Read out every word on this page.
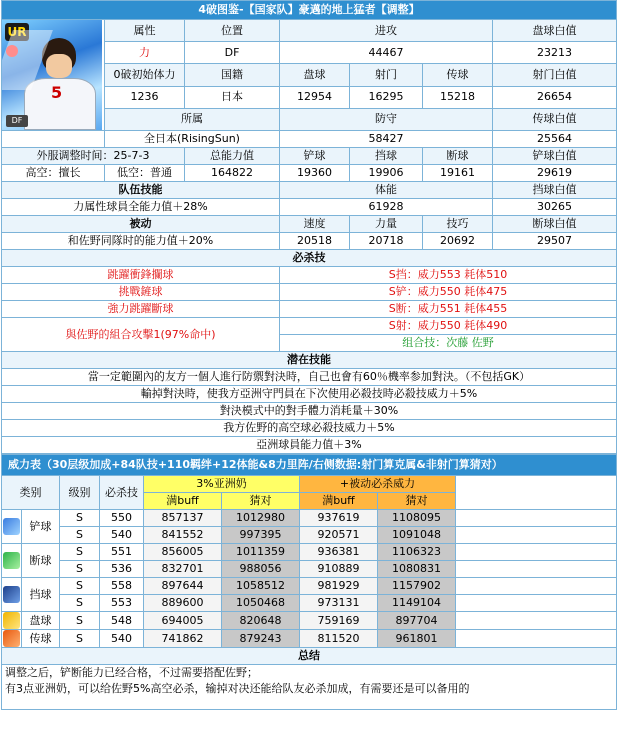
4破图鉴-【国家队】豪邁的地上猛者【调整】						

UR
5
DF	属性	位置	进攻			盘球白值
	力	DF	44467			23213
	0破初始体力	国籍	盘球	射门	传球	射门白值
	1236	日本	12954	16295	15218	26654
	所属		防守			传球白值
	全日本(RisingSun)		58427			25564
外服调整时间：25-7-3		总能力值	铲球	挡球	断球	铲球白值
高空：擅长	低空：普通	164822	19360	19906	19161	29619
队伍技能			体能			挡球白值
力属性球員全能力值＋28%			61928			30265
被动			速度	力量	技巧	断球白值
和佐野同隊时的能力值＋20%			20518	20718	20692	29507
必杀技						
跳躍衝鋒攔球			S挡：威力553 耗体510			
挑戰鏟球			S铲：威力550 耗体475			
強力跳躍斷球			S断：威力551 耗体455			
與佐野的組合攻擊1(97%命中)			S射：威力550 耗体490			
			组合技：次藤 佐野			
潜在技能						
當一定範圍內的友方一個人進行防禦對決時，自己也會有60％機率参加對決。（不包括GK）						
輸掉對決時，使我方亞洲守門員在下次使用必殺技時必殺技威力＋5%						
對決模式中的對手體力消耗量＋30%						
我方佐野的高空球必殺技威力＋5%						
亞洲球員能力值＋3%						
威力表（30层级加成+84队技+110羁绊+12体能&8力里阵/右侧数据:射门算克属&非射门算猜对）								
类别		级别	必杀技	3%亚洲奶		+被动必杀威力		
				满buff	猜对	满buff	猜对	
	铲球	S	550	857137	1012980	937619	1108095	
		S	540	841552	997395	920571	1091048	
	断球	S	551	856005	1011359	936381	1106323	
		S	536	832701	988056	910889	1080831	
	挡球	S	558	897644	1058512	981929	1157902	
		S	553	889600	1050468	973131	1149104	
	盘球	S	548	694005	820648	759169	897704	
	传球	S	540	741862	879243	811520	961801	
总结								

调整之后，铲断能力已经合格，不过需要搭配佐野；
有3点亚洲奶，可以给佐野5%高空必杀，输掉对决还能给队友必杀加成，有需要还是可以备用的								
